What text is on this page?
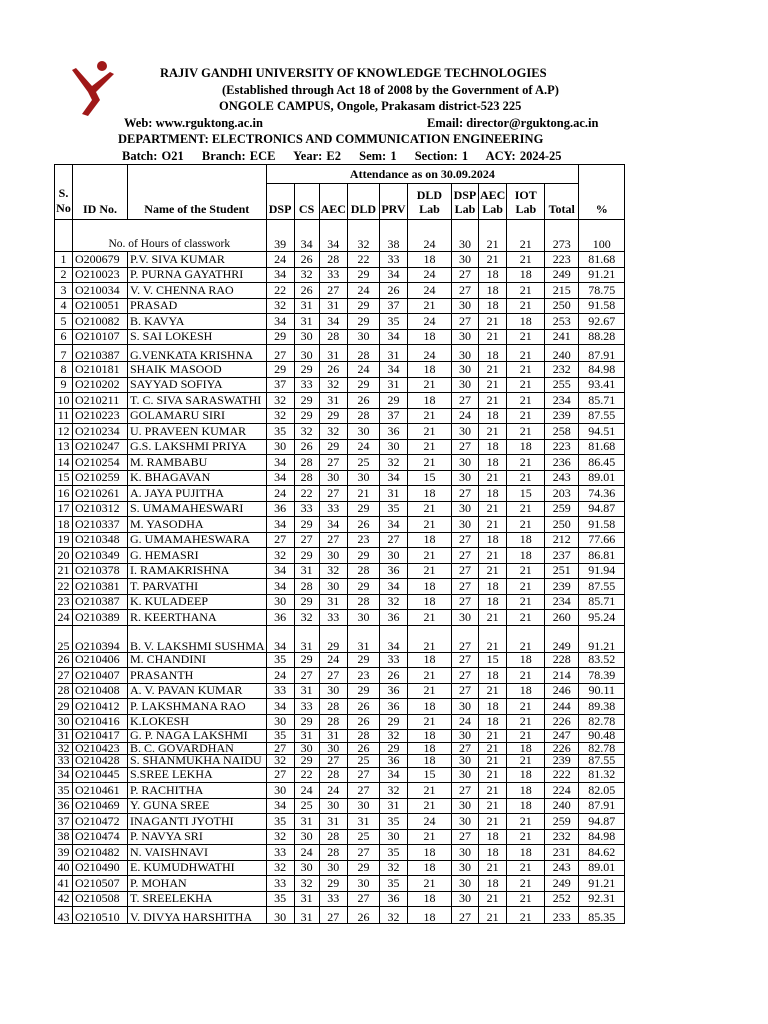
RAJIV GANDHI UNIVERSITY OF KNOWLEDGE TECHNOLOGIES
(Established through Act 18 of 2008 by the Government of A.P)
ONGOLE CAMPUS, Ongole, Prakasam district-523 225
Web: www.rguktong.ac.in	Email: director@rguktong.ac.in
DEPARTMENT: ELECTRONICS AND COMMUNICATION ENGINEERING
Batch: O21 Branch: ECE Year: E2 Sem: 1 Section: 1 ACY: 2024-25
			Attendance as on 30.09.2024										
S.
No	ID No.	Name of the Student	DSP	CS	AEC	DLD	PRV	DLD Lab	DSP Lab	AEC Lab	IOT Lab	Total	%
	No. of Hours of classwork		39	34	34	32	38	24	30	21	21	273	100
1	O200679	P.V. SIVA KUMAR	24	26	28	22	33	18	30	21	21	223	81.68
2	O210023	P. PURNA GAYATHRI	34	32	33	29	34	24	27	18	18	249	91.21
3	O210034	V. V. CHENNA RAO	22	26	27	24	26	24	27	18	21	215	78.75
4	O210051	PRASAD	32	31	31	29	37	21	30	18	21	250	91.58
5	O210082	B. KAVYA	34	31	34	29	35	24	27	21	18	253	92.67
6	O210107	S. SAI LOKESH	29	30	28	30	34	18	30	21	21	241	88.28
7	O210387	G.VENKATA KRISHNA	27	30	31	28	31	24	30	18	21	240	87.91
8	O210181	SHAIK MASOOD	29	29	26	24	34	18	30	21	21	232	84.98
9	O210202	SAYYAD SOFIYA	37	33	32	29	31	21	30	21	21	255	93.41
10	O210211	T. C. SIVA SARASWATHI	32	29	31	26	29	18	27	21	21	234	85.71
11	O210223	GOLAMARU SIRI	32	29	29	28	37	21	24	18	21	239	87.55
12	O210234	U. PRAVEEN KUMAR	35	32	32	30	36	21	30	21	21	258	94.51
13	O210247	G.S. LAKSHMI PRIYA	30	26	29	24	30	21	27	18	18	223	81.68
14	O210254	M. RAMBABU	34	28	27	25	32	21	30	18	21	236	86.45
15	O210259	K. BHAGAVAN	34	28	30	30	34	15	30	21	21	243	89.01
16	O210261	A. JAYA PUJITHA	24	22	27	21	31	18	27	18	15	203	74.36
17	O210312	S. UMAMAHESWARI	36	33	33	29	35	21	30	21	21	259	94.87
18	O210337	M. YASODHA	34	29	34	26	34	21	30	21	21	250	91.58
19	O210348	G. UMAMAHESWARA	27	27	27	23	27	18	27	18	18	212	77.66
20	O210349	G. HEMASRI	32	29	30	29	30	21	27	21	18	237	86.81
21	O210378	I. RAMAKRISHNA	34	31	32	28	36	21	27	21	21	251	91.94
22	O210381	T. PARVATHI	34	28	30	29	34	18	27	18	21	239	87.55
23	O210387	K. KULADEEP	30	29	31	28	32	18	27	18	21	234	85.71
24	O210389	R. KEERTHANA	36	32	33	30	36	21	30	21	21	260	95.24
25	O210394	B. V. LAKSHMI SUSHMA	34	31	29	31	34	21	27	21	21	249	91.21
26	O210406	M. CHANDINI	35	29	24	29	33	18	27	15	18	228	83.52
27	O210407	PRASANTH	24	27	27	23	26	21	27	18	21	214	78.39
28	O210408	A. V. PAVAN KUMAR	33	31	30	29	36	21	27	21	18	246	90.11
29	O210412	P. LAKSHMANA RAO	34	33	28	26	36	18	30	18	21	244	89.38
30	O210416	K.LOKESH	30	29	28	26	29	21	24	18	21	226	82.78
31	O210417	G. P. NAGA LAKSHMI	35	31	31	28	32	18	30	21	21	247	90.48
32	O210423	B. C. GOVARDHAN	27	30	30	26	29	18	27	21	18	226	82.78
33	O210428	S. SHANMUKHA NAIDU	32	29	27	25	36	18	30	21	21	239	87.55
34	O210445	S.SREE LEKHA	27	22	28	27	34	15	30	21	18	222	81.32
35	O210461	P. RACHITHA	30	24	24	27	32	21	27	21	18	224	82.05
36	O210469	Y. GUNA SREE	34	25	30	30	31	21	30	21	18	240	87.91
37	O210472	INAGANTI JYOTHI	35	31	31	31	35	24	30	21	21	259	94.87
38	O210474	P. NAVYA SRI	32	30	28	25	30	21	27	18	21	232	84.98
39	O210482	N. VAISHNAVI	33	24	28	27	35	18	30	18	18	231	84.62
40	O210490	E. KUMUDHWATHI	32	30	30	29	32	18	30	21	21	243	89.01
41	O210507	P. MOHAN	33	32	29	30	35	21	30	18	21	249	91.21
42	O210508	T. SREELEKHA	35	31	33	27	36	18	30	21	21	252	92.31
43	O210510	V. DIVYA HARSHITHA	30	31	27	26	32	18	27	21	21	233	85.35
